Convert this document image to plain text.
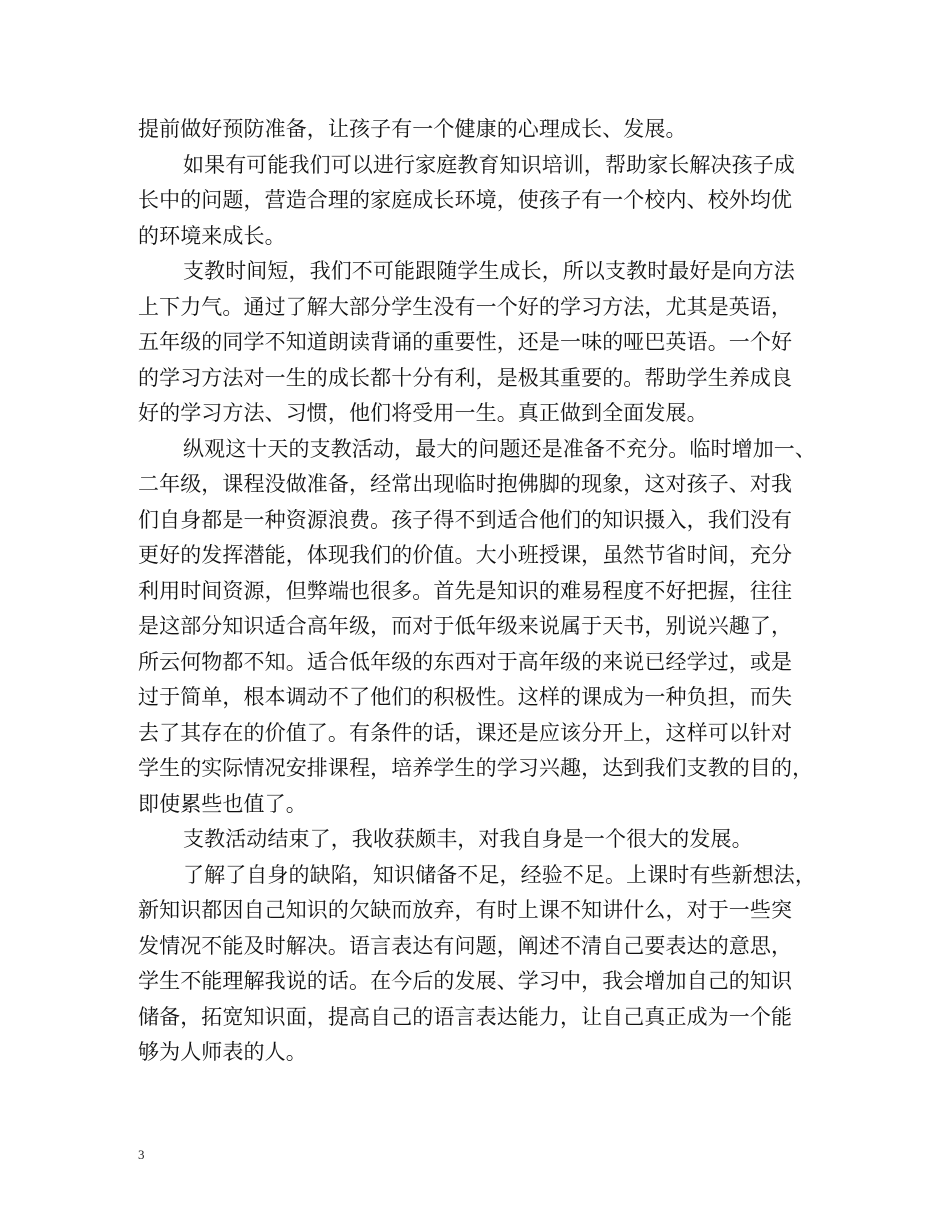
提前做好预防准备，让孩子有一个健康的心理成长、发展。
如果有可能我们可以进行家庭教育知识培训，帮助家长解决孩子成
长中的问题，营造合理的家庭成长环境，使孩子有一个校内、校外均优
的环境来成长。
支教时间短，我们不可能跟随学生成长，所以支教时最好是向方法
上下力气。通过了解大部分学生没有一个好的学习方法，尤其是英语，
五年级的同学不知道朗读背诵的重要性，还是一味的哑巴英语。一个好
的学习方法对一生的成长都十分有利，是极其重要的。帮助学生养成良
好的学习方法、习惯，他们将受用一生。真正做到全面发展。
纵观这十天的支教活动，最大的问题还是准备不充分。临时增加一、
二年级，课程没做准备，经常出现临时抱佛脚的现象，这对孩子、对我
们自身都是一种资源浪费。孩子得不到适合他们的知识摄入，我们没有
更好的发挥潜能，体现我们的价值。大小班授课，虽然节省时间，充分
利用时间资源，但弊端也很多。首先是知识的难易程度不好把握，往往
是这部分知识适合高年级，而对于低年级来说属于天书，别说兴趣了，
所云何物都不知。适合低年级的东西对于高年级的来说已经学过，或是
过于简单，根本调动不了他们的积极性。这样的课成为一种负担，而失
去了其存在的价值了。有条件的话，课还是应该分开上，这样可以针对
学生的实际情况安排课程，培养学生的学习兴趣，达到我们支教的目的，
即使累些也值了。
支教活动结束了，我收获颇丰，对我自身是一个很大的发展。
了解了自身的缺陷，知识储备不足，经验不足。上课时有些新想法，
新知识都因自己知识的欠缺而放弃，有时上课不知讲什么，对于一些突
发情况不能及时解决。语言表达有问题，阐述不清自己要表达的意思，
学生不能理解我说的话。在今后的发展、学习中，我会增加自己的知识
储备，拓宽知识面，提高自己的语言表达能力，让自己真正成为一个能
够为人师表的人。
3
